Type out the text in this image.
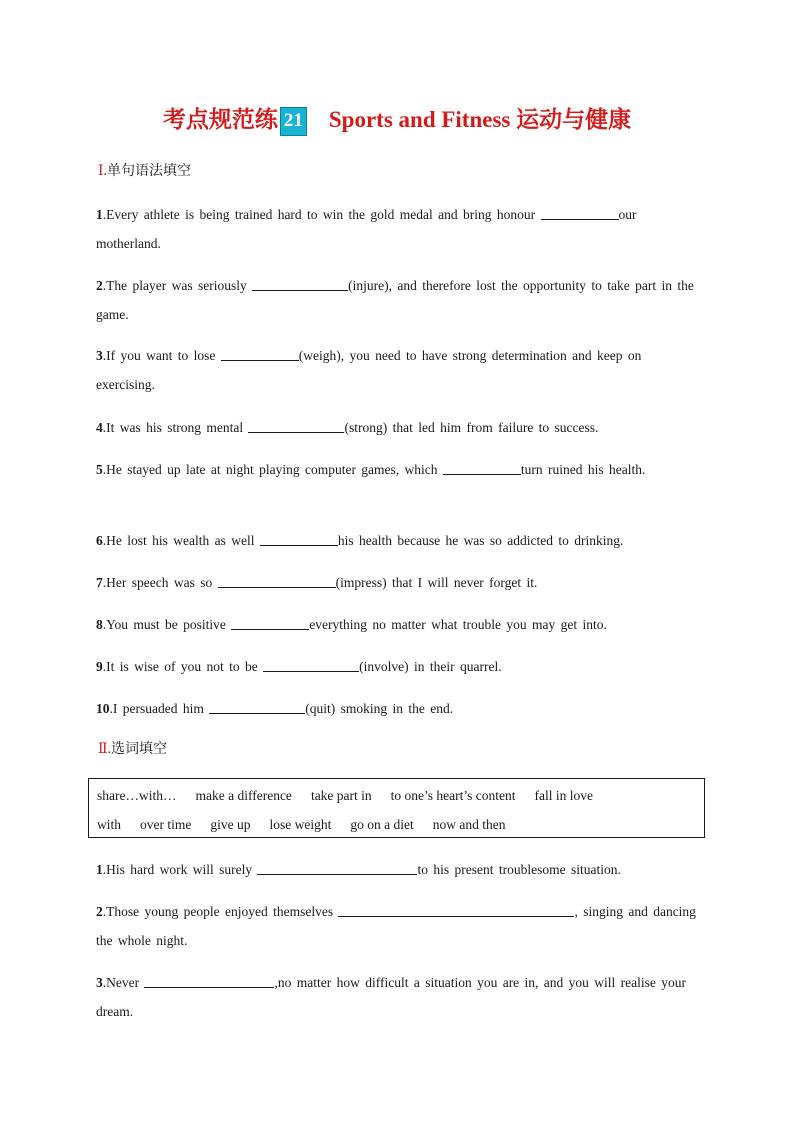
考点规范练 21 Sports and Fitness 运动与健康
Ⅰ.单句语法填空
1.Every athlete is being trained hard to win the gold medal and bring honour	our motherland.
2.The player was seriously	(injure), and therefore lost the opportunity to take part in the game.
3.If you want to lose	(weigh), you need to have strong determination and keep on exercising.
4.It was his strong mental	(strong) that led him from failure to success.
5.He stayed up late at night playing computer games, which	turn ruined his health.
6.He lost his wealth as well	his health because he was so addicted to drinking.
7.Her speech was so	(impress) that I will never forget it.
8.You must be positive	everything no matter what trouble you may get into.
9.It is wise of you not to be	(involve) in their quarrel.
10.I persuaded him	(quit) smoking in the end.
Ⅱ.选词填空
share…with… make a difference take part in to one’s heart’s content fall in love
with over time give up lose weight go on a diet now and then
1.His hard work will surely	to his present troublesome situation.
2.Those young people enjoyed themselves	, singing and dancing the whole night.
3.Never	,no matter how difficult a situation you are in, and you will realise your dream.
